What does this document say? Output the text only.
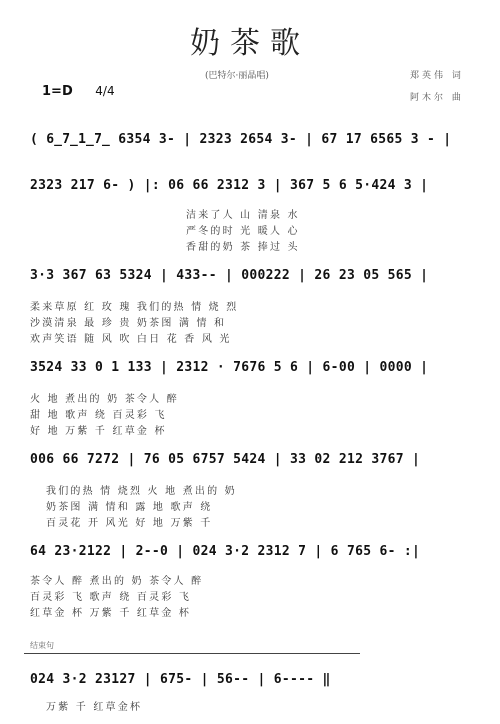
奶茶歌
(巴特尔·丽晶唱)	郑英伟 词
阿木尔 曲
1=D 4/4
( 6̲7̲1̲7̲ 6354 3- | 2323 2654 3- | 67 17 6565 3 - |
2323 217 6- ) |: 06 66 2312 3 | 367 5 6 5·424 3 |
洁来了人 山 清泉 水
严冬的时 光 暖人 心
香甜的奶 茶 捧过 头
3·3 367 63 5324 | 433-- | 000222 | 26 23 05 565 |
柔来草原 红 玫 瑰 我们的热 情 烧 烈
沙漠清泉 最 珍 贵 奶茶图 满 情 和
欢声笑语 随 风 吹 白日 花 香 风 光
3524 33 0 1 133 | 2312 · 7676 5 6 | 6-00 | 0000 |
火 地 煮出的 奶 茶令人 醉
甜 地 歌声 绕 百灵彩 飞
好 地 万紫 千 红草金 杯
006 66 7272 | 76 05 6757 5424 | 33 02 212 3767 |
我们的热 情 烧烈 火 地 煮出的 奶
奶茶图 满 情和 露 地 歌声 绕
百灵花 开 风光 好 地 万紫 千
64 23·2122 | 2--0 | 024 3·2 2312 7 | 6 765 6- :|
茶令人 醉 煮出的 奶 茶令人 醉
百灵彩 飞 歌声 绕 百灵彩 飞
红草金 杯 万紫 千 红草金 杯
结束句
024 3·2 23127 | 675- | 56-- | 6---- ‖
万紫 千 红草金杯
